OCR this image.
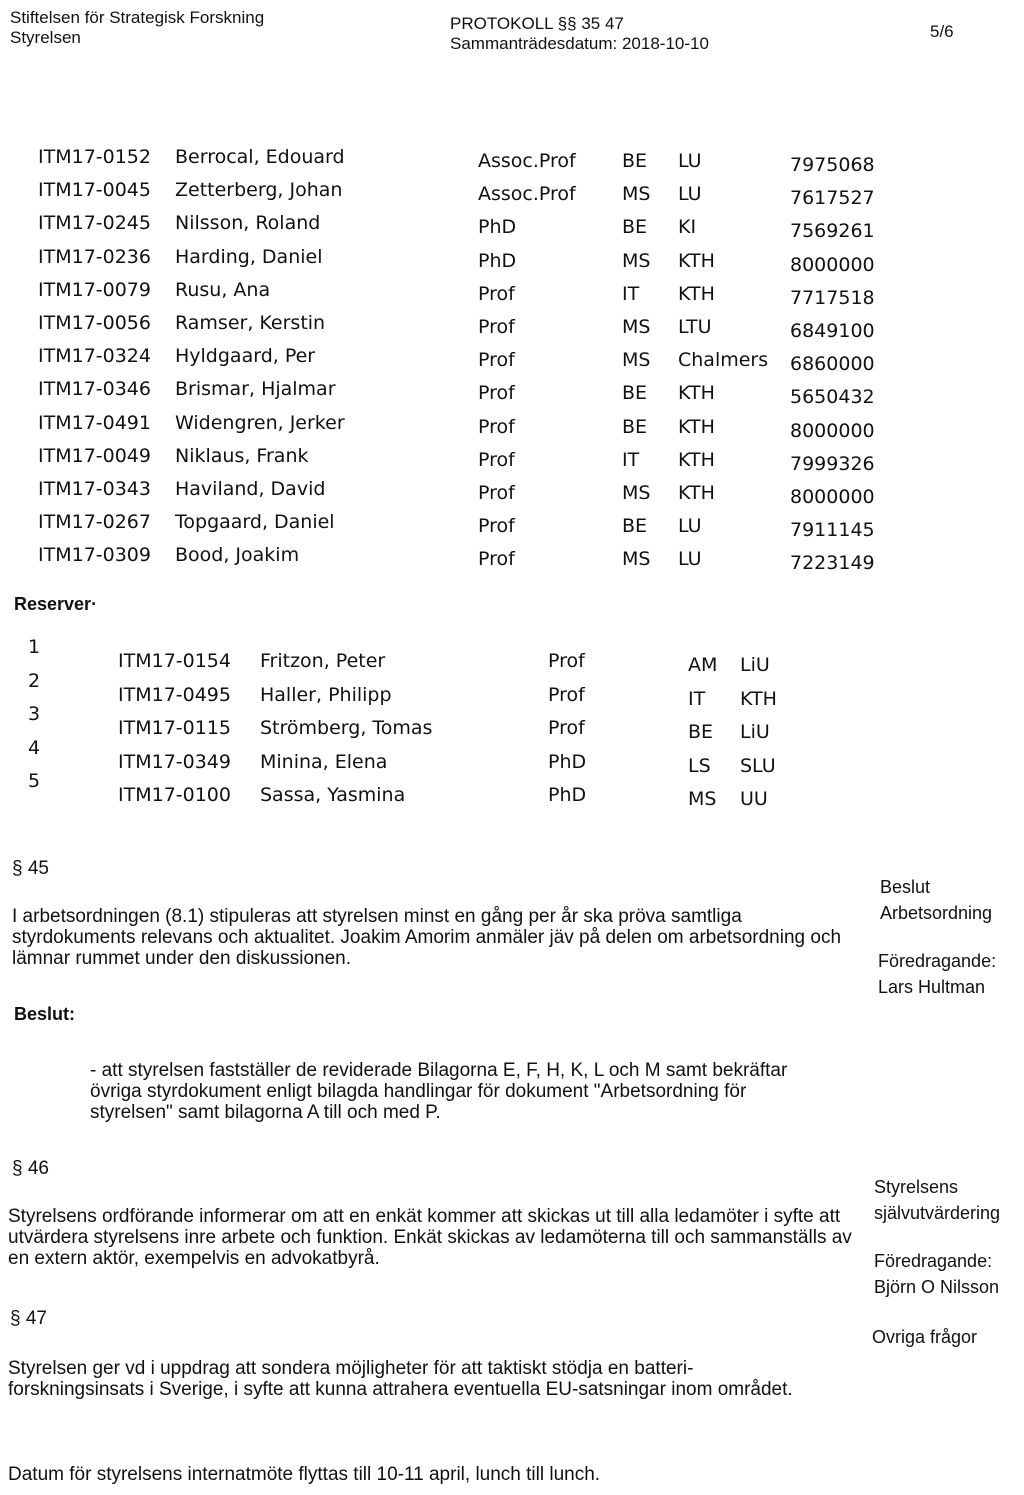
Stiftelsen för Strategisk Forskning
Styrelsen
PROTOKOLL §§ 35 47
Sammanträdesdatum: 2018-10-10
5/6
ITM17-0152 Berrocal, Edouard	Assoc.Prof BE LU	7975068
ITM17-0045 Zetterberg, Johan	Assoc.Prof MS LU	7617527
ITM17-0245 Nilsson, Roland	PhD	BE KI	7569261
ITM17-0236 Harding, Daniel	PhD	MS KTH	8000000
ITM17-0079 Rusu, Ana	Prof	IT KTH	7717518
ITM17-0056 Ramser, Kerstin	Prof	MS LTU	6849100
ITM17-0324 Hyldgaard, Per	Prof	MS Chalmers 6860000
ITM17-0346 Brismar, Hjalmar	Prof	BE KTH	5650432
ITM17-0491 Widengren, Jerker	Prof	BE KTH	8000000
ITM17-0049 Niklaus, Frank	Prof	IT KTH	7999326
ITM17-0343 Haviland, David	Prof	MS KTH	8000000
ITM17-0267 Topgaard, Daniel	Prof	BE LU	7911145
ITM17-0309 Bood, Joakim	Prof	MS LU	7223149
Reserver·
1
ITM17-0154 Fritzon, Peter	Prof	AM LiU
2
ITM17-0495 Haller, Philipp	Prof	IT KTH
3
ITM17-0115 Strömberg, Tomas	Prof	BE LiU
4
ITM17-0349 Minina, Elena	PhD	LS SLU
5
ITM17-0100 Sassa, Yasmina	PhD	MS UU
§ 45
I arbetsordningen (8.1) stipuleras att styrelsen minst en gång per år ska pröva samtliga styrdokuments relevans och aktualitet. Joakim Amorim anmäler jäv på delen om arbetsordning och lämnar rummet under den diskussionen.
Beslut:
- att styrelsen fastställer de reviderade Bilagorna E, F, H, K, L och M samt bekräftar övriga styrdokument enligt bilagda handlingar för dokument "Arbetsordning för styrelsen" samt bilagorna A till och med P.
Beslut
Arbetsordning
Föredragande:
Lars Hultman
§ 46
Styrelsens ordförande informerar om att en enkät kommer att skickas ut till alla ledamöter i syfte att utvärdera styrelsens inre arbete och funktion. Enkät skickas av ledamöterna till och sammanställs av en extern aktör, exempelvis en advokatbyrå.
Styrelsens
självutvärdering
Föredragande:
Björn O Nilsson
§ 47
Ovriga frågor
Styrelsen ger vd i uppdrag att sondera möjligheter för att taktiskt stödja en batteri-forskningsinsats i Sverige, i syfte att kunna attrahera eventuella EU-satsningar inom området.
Datum för styrelsens internatmöte flyttas till 10-11 april, lunch till lunch.
